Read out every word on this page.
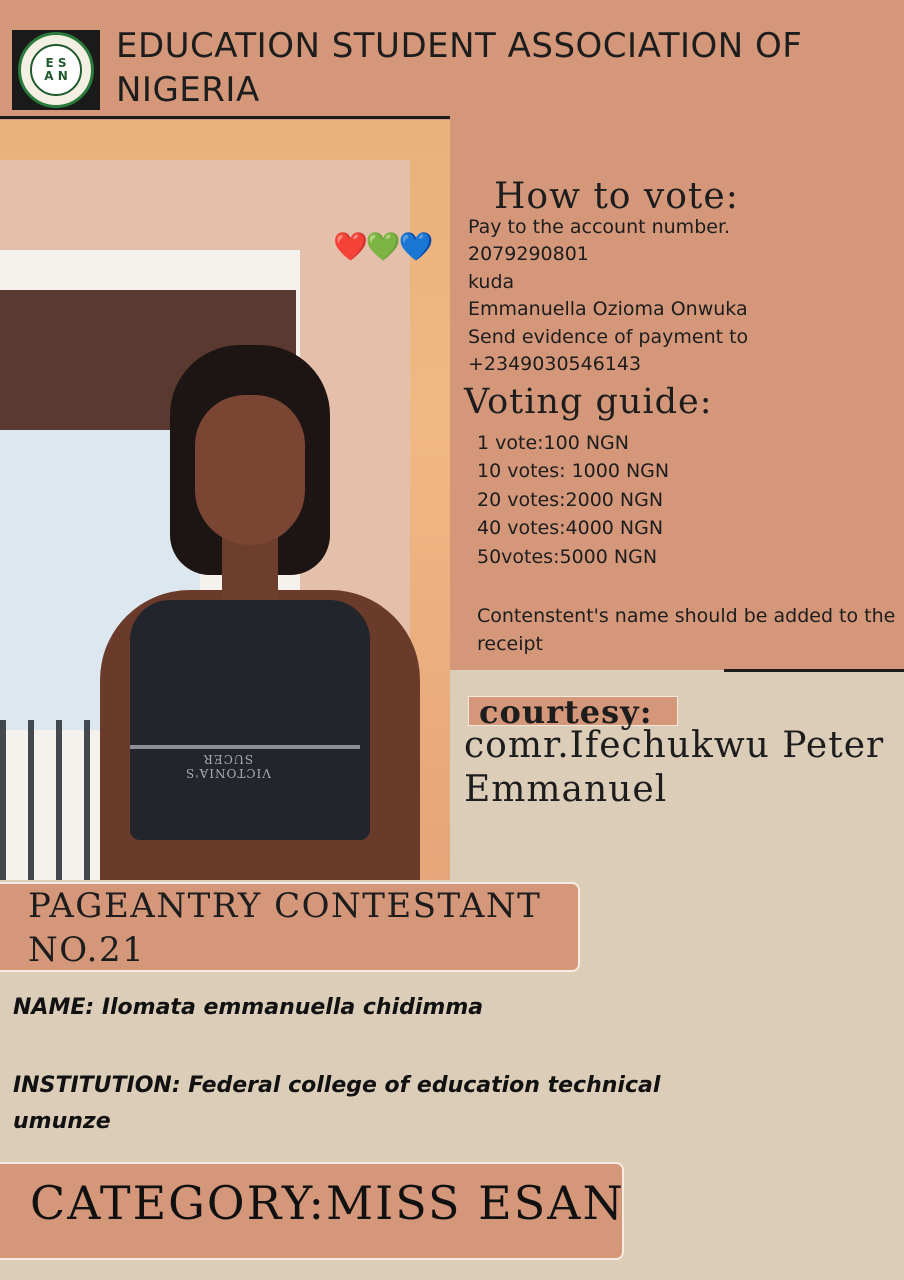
E S
A N
EDUCATION STUDENT ASSOCIATION OF NIGERIA
VICTONIA'S SUCER
❤️💚💙
How to vote:
Pay to the account number.
2079290801
kuda
Emmanuella Ozioma Onwuka
Send evidence of payment to
+2349030546143
Voting guide:
1 vote:100 NGN
10 votes: 1000 NGN
20 votes:2000 NGN
40 votes:4000 NGN
50votes:5000 NGN
Contenstent's name should be added to the receipt
courtesy:
comr.Ifechukwu Peter Emmanuel
PAGEANTRY CONTESTANT NO.21
NAME: Ilomata emmanuella chidimma
INSTITUTION: Federal college of education technical umunze
CATEGORY:MISS ESAN
